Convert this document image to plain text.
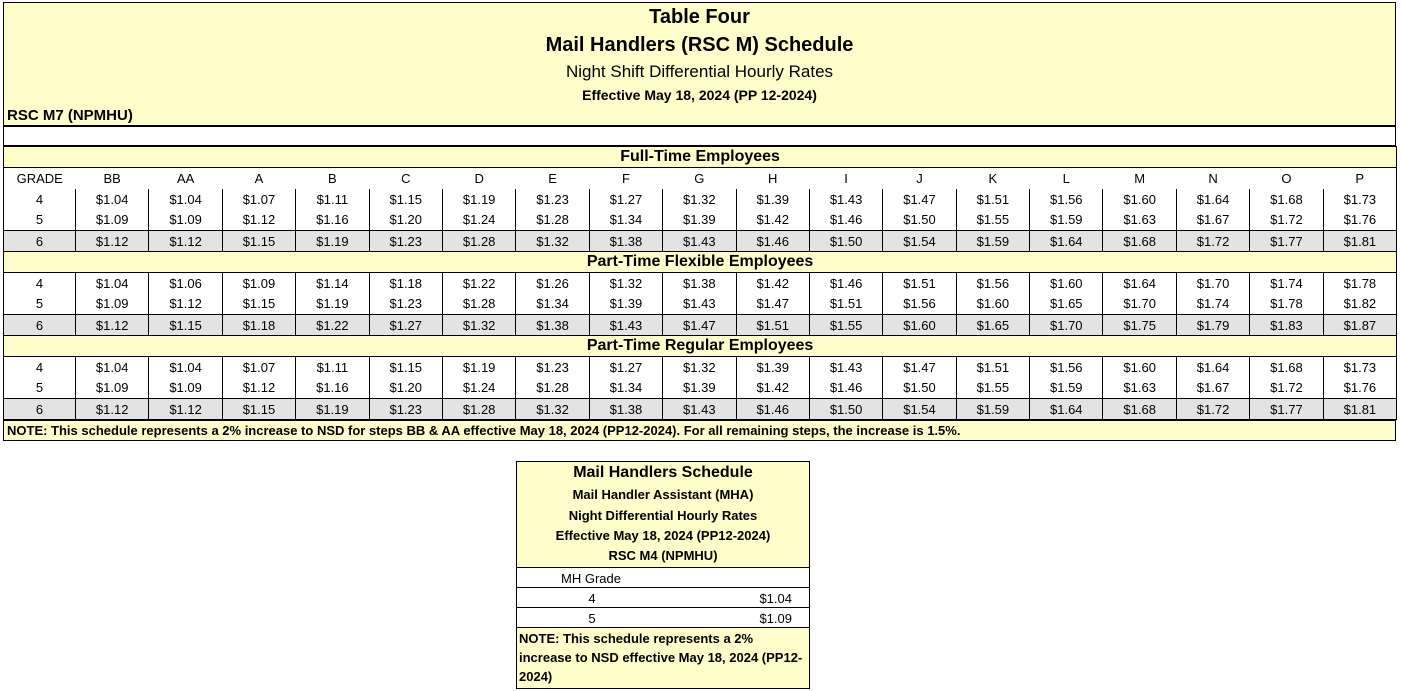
Table Four
Mail Handlers (RSC M) Schedule
Night Shift Differential Hourly Rates
Effective May 18, 2024 (PP 12-2024)
RSC M7 (NPMHU)
Full-Time Employees																		
GRADE	BB	AA	A	B	C	D	E	F	G	H	I	J	K	L	M	N	O	P
4	$1.04	$1.04	$1.07	$1.11	$1.15	$1.19	$1.23	$1.27	$1.32	$1.39	$1.43	$1.47	$1.51	$1.56	$1.60	$1.64	$1.68	$1.73
5	$1.09	$1.09	$1.12	$1.16	$1.20	$1.24	$1.28	$1.34	$1.39	$1.42	$1.46	$1.50	$1.55	$1.59	$1.63	$1.67	$1.72	$1.76
6	$1.12	$1.12	$1.15	$1.19	$1.23	$1.28	$1.32	$1.38	$1.43	$1.46	$1.50	$1.54	$1.59	$1.64	$1.68	$1.72	$1.77	$1.81
Part-Time Flexible Employees																		
4	$1.04	$1.06	$1.09	$1.14	$1.18	$1.22	$1.26	$1.32	$1.38	$1.42	$1.46	$1.51	$1.56	$1.60	$1.64	$1.70	$1.74	$1.78
5	$1.09	$1.12	$1.15	$1.19	$1.23	$1.28	$1.34	$1.39	$1.43	$1.47	$1.51	$1.56	$1.60	$1.65	$1.70	$1.74	$1.78	$1.82
6	$1.12	$1.15	$1.18	$1.22	$1.27	$1.32	$1.38	$1.43	$1.47	$1.51	$1.55	$1.60	$1.65	$1.70	$1.75	$1.79	$1.83	$1.87
Part-Time Regular Employees																		
4	$1.04	$1.04	$1.07	$1.11	$1.15	$1.19	$1.23	$1.27	$1.32	$1.39	$1.43	$1.47	$1.51	$1.56	$1.60	$1.64	$1.68	$1.73
5	$1.09	$1.09	$1.12	$1.16	$1.20	$1.24	$1.28	$1.34	$1.39	$1.42	$1.46	$1.50	$1.55	$1.59	$1.63	$1.67	$1.72	$1.76
6	$1.12	$1.12	$1.15	$1.19	$1.23	$1.28	$1.32	$1.38	$1.43	$1.46	$1.50	$1.54	$1.59	$1.64	$1.68	$1.72	$1.77	$1.81
NOTE: This schedule represents a 2% increase to NSD for steps BB & AA effective May 18, 2024 (PP12-2024). For all remaining steps, the increase is 1.5%.
Mail Handlers Schedule
Mail Handler Assistant (MHA)
Night Differential Hourly Rates
Effective May 18, 2024 (PP12-2024)
RSC M4 (NPMHU)
MH Grade
4	$1.04
5	$1.09
NOTE: This schedule represents a 2% increase to NSD effective May 18, 2024 (PP12-2024)
